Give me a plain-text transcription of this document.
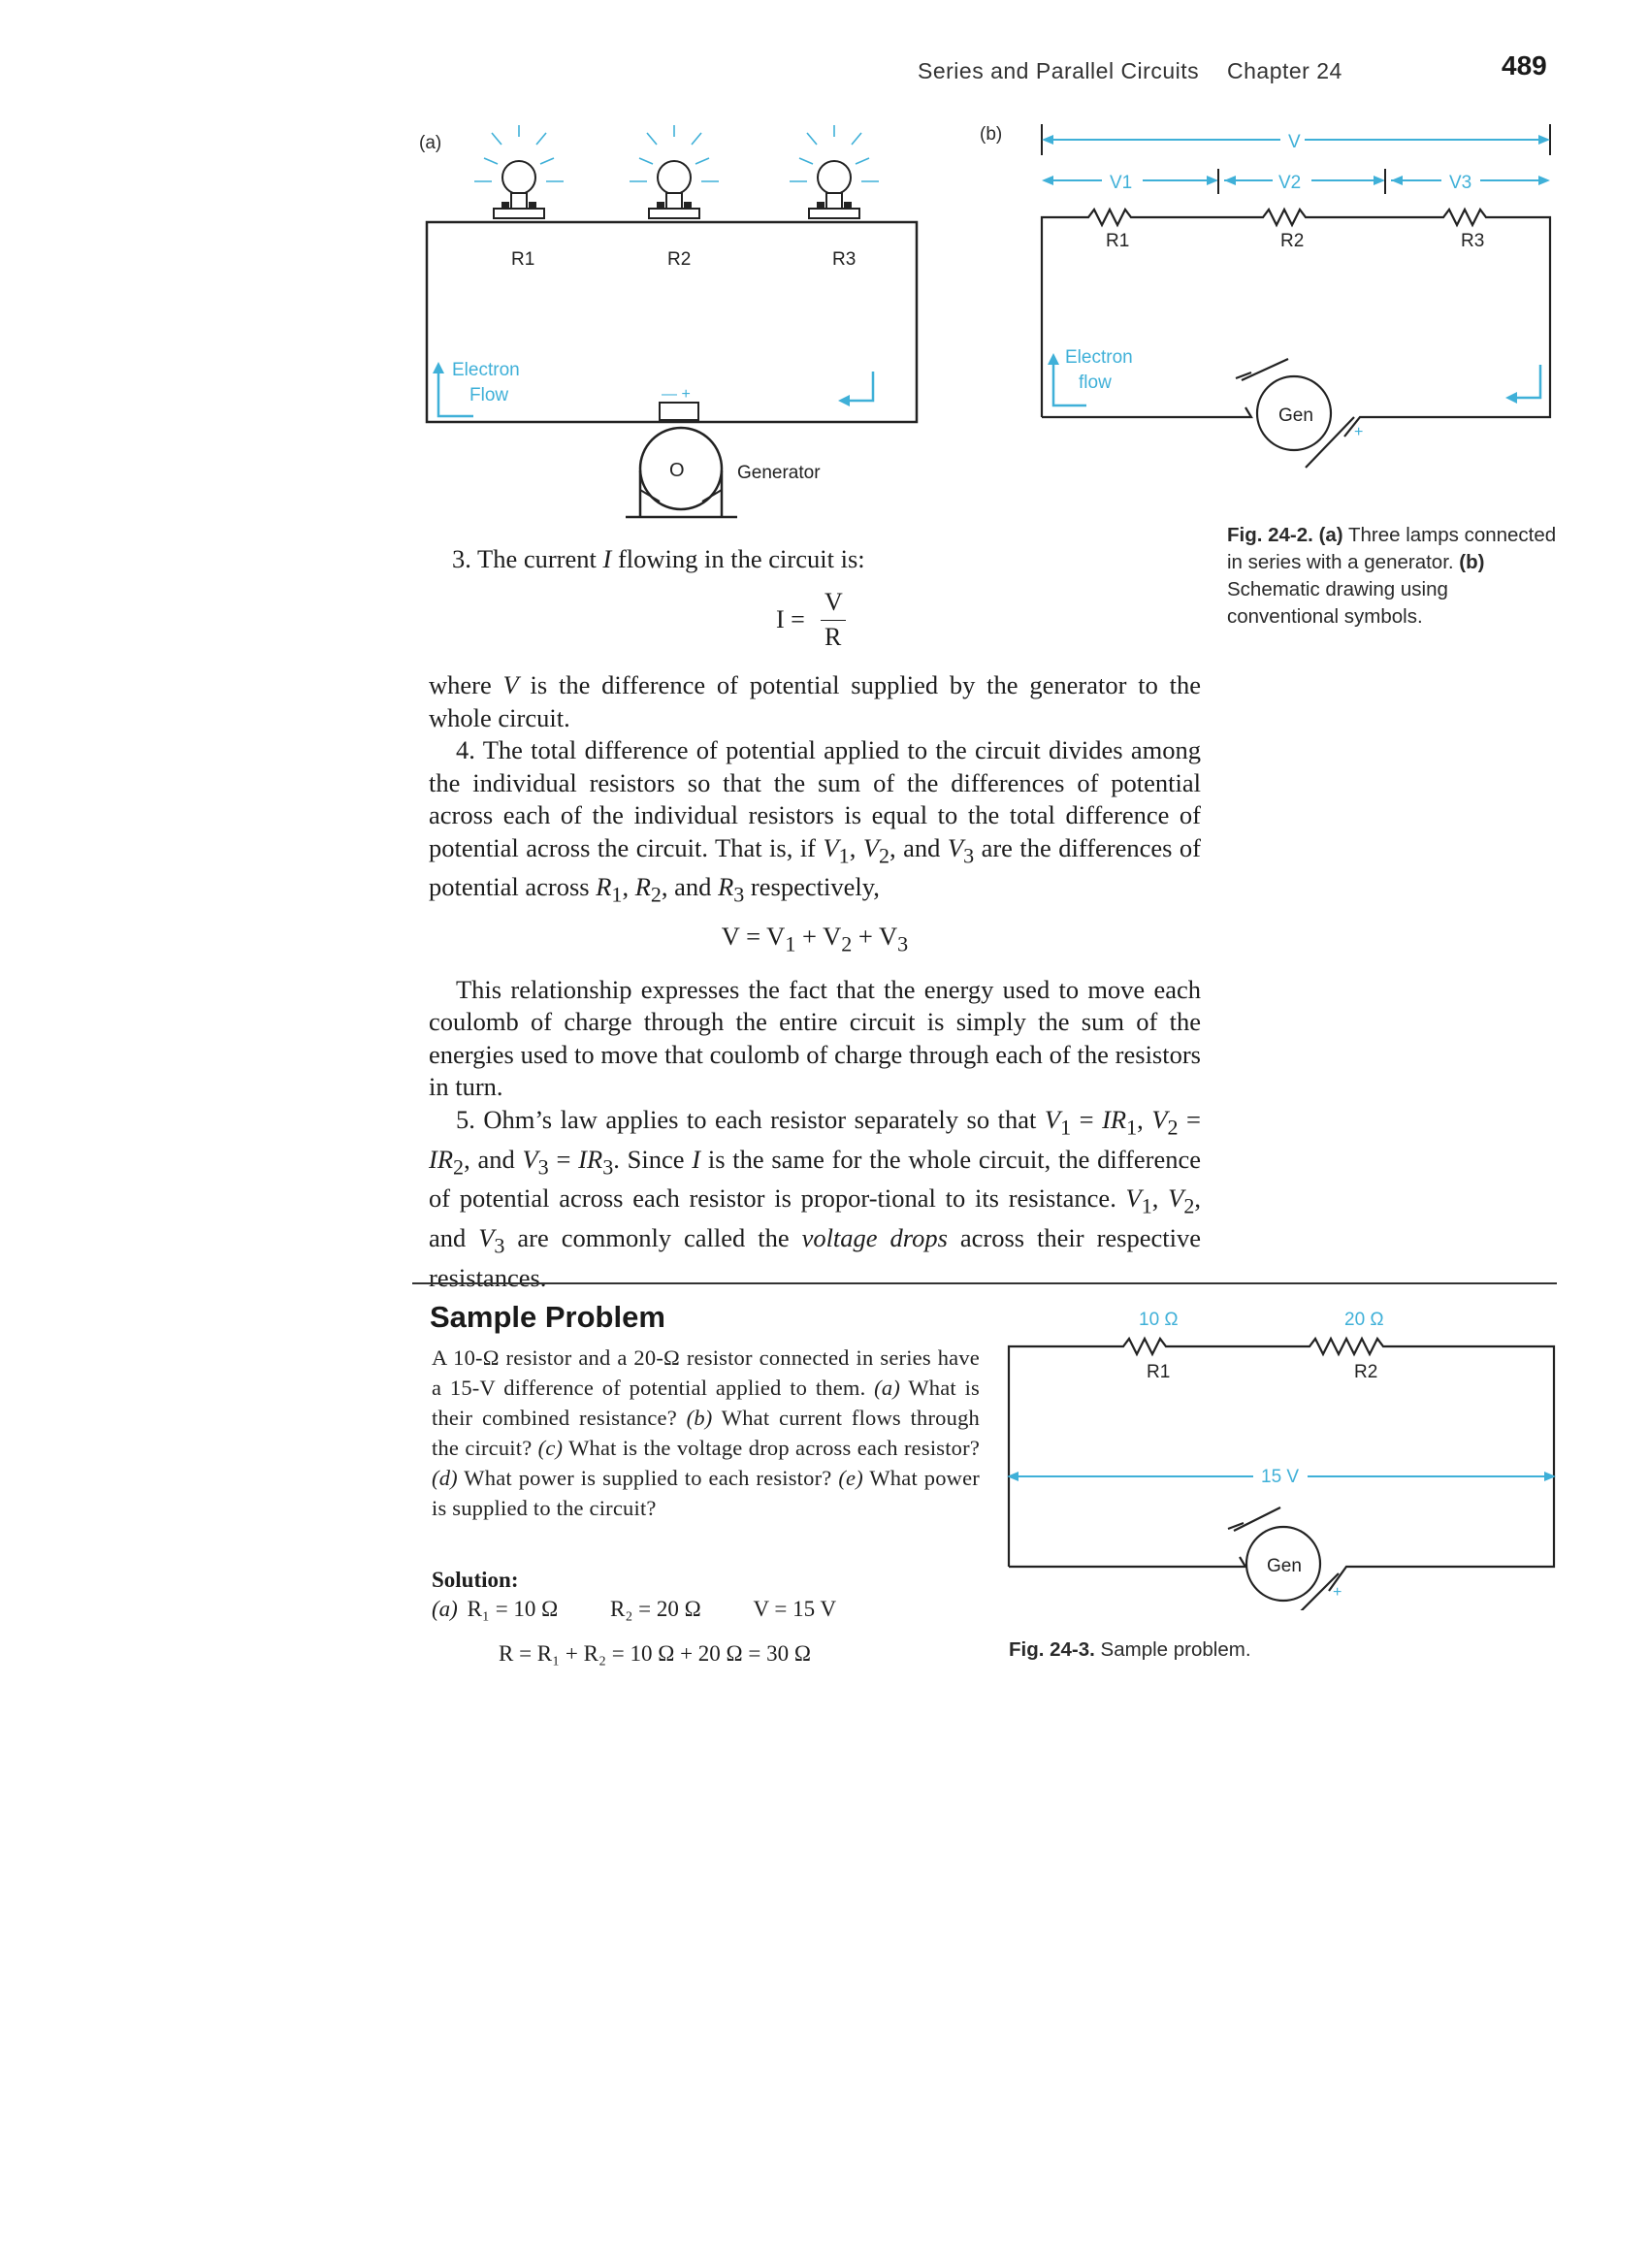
Series and Parallel Circuits Chapter 24	489
(a)
R1	R2	R3
Electron
Flow	— +
O	Generator
(b)	V
V1	V2	V3
R1	R2	R3
Gen
+
Electron
flow
Fig. 24-2. (a) Three lamps connected in series with a generator. (b) Schematic drawing using conventional symbols.
3. The current I flowing in the circuit is:
I =
V
R

where V is the difference of potential supplied by the generator to the whole circuit.

4. The total difference of potential applied to the circuit divides among the individual resistors so that the sum of the differences of potential across each of the individual resistors is equal to the total difference of potential across the circuit. That is, if $V_1$, $V_2$, and $V_3$ are the differences of potential across $R_1$, $R_2$, and $R_3$ respectively,

$V = V_1 + V_2 + V_3$

This relationship expresses the fact that the energy used to move each coulomb of charge through the entire circuit is simply the sum of the energies used to move that coulomb of charge through each of the resistors in turn.

5. Ohm’s law applies to each resistor separately so that $V_1 = IR_1$, $V_2 = IR_2$, and $V_3 = IR_3$. Since I is the same for the whole circuit, the difference of potential across each resistor is propor-tional to its resistance. $V_1$, $V_2$, and $V_3$ are commonly called the voltage drops across their respective resistances.

Sample Problem
A 10-Ω resistor and a 20-Ω resistor connected in series have a 15-V difference of potential applied to them. (a) What is their combined resistance? (b) What current flows through the circuit? (c) What is the voltage drop across each resistor? (d) What power is supplied to each resistor? (e) What power is supplied to the circuit?
Solution:
(a) R₁ = 10 Ω R₂ = 20 Ω V = 15 V
R = R₁ + R₂ = 10 Ω + 20 Ω = 30 Ω
10 Ω	20 Ω
R1	R2
15 V
Gen
+
Fig. 24-3. Sample problem.
